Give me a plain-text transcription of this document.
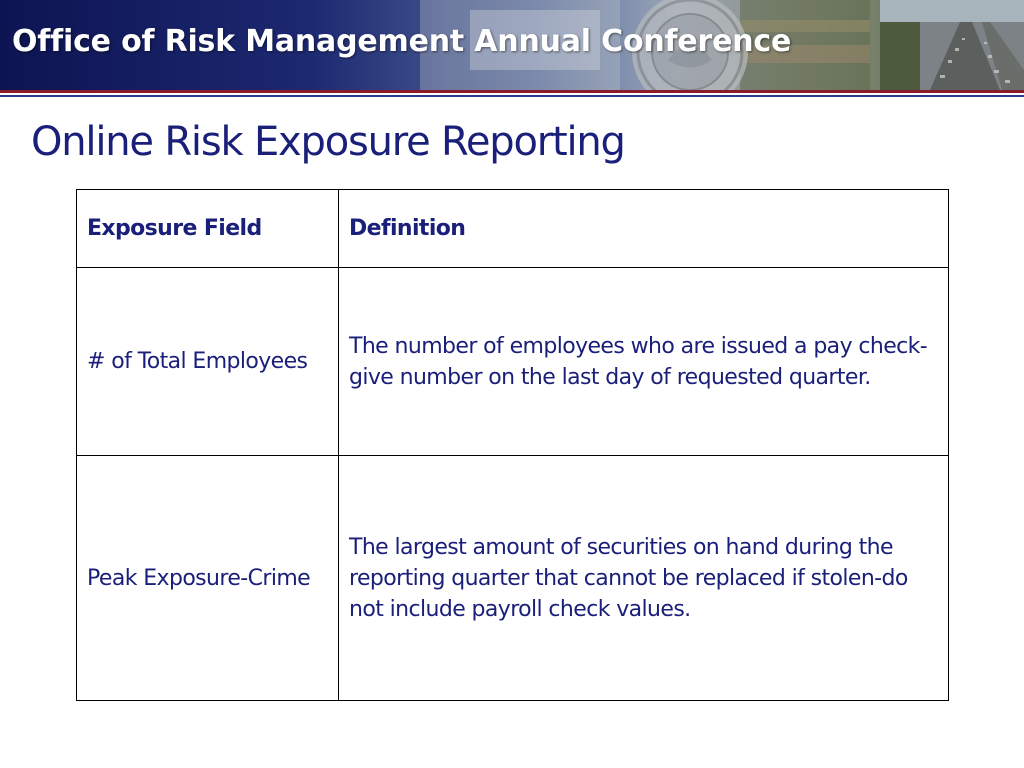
Office of Risk Management Annual Conference
Online Risk Exposure Reporting
Exposure Field	Definition
# of Total Employees	The number of employees who are issued a pay check-give number on the last day of requested quarter.
Peak Exposure-Crime	The largest amount of securities on hand during the reporting quarter that cannot be replaced if stolen-do not include payroll check values.
